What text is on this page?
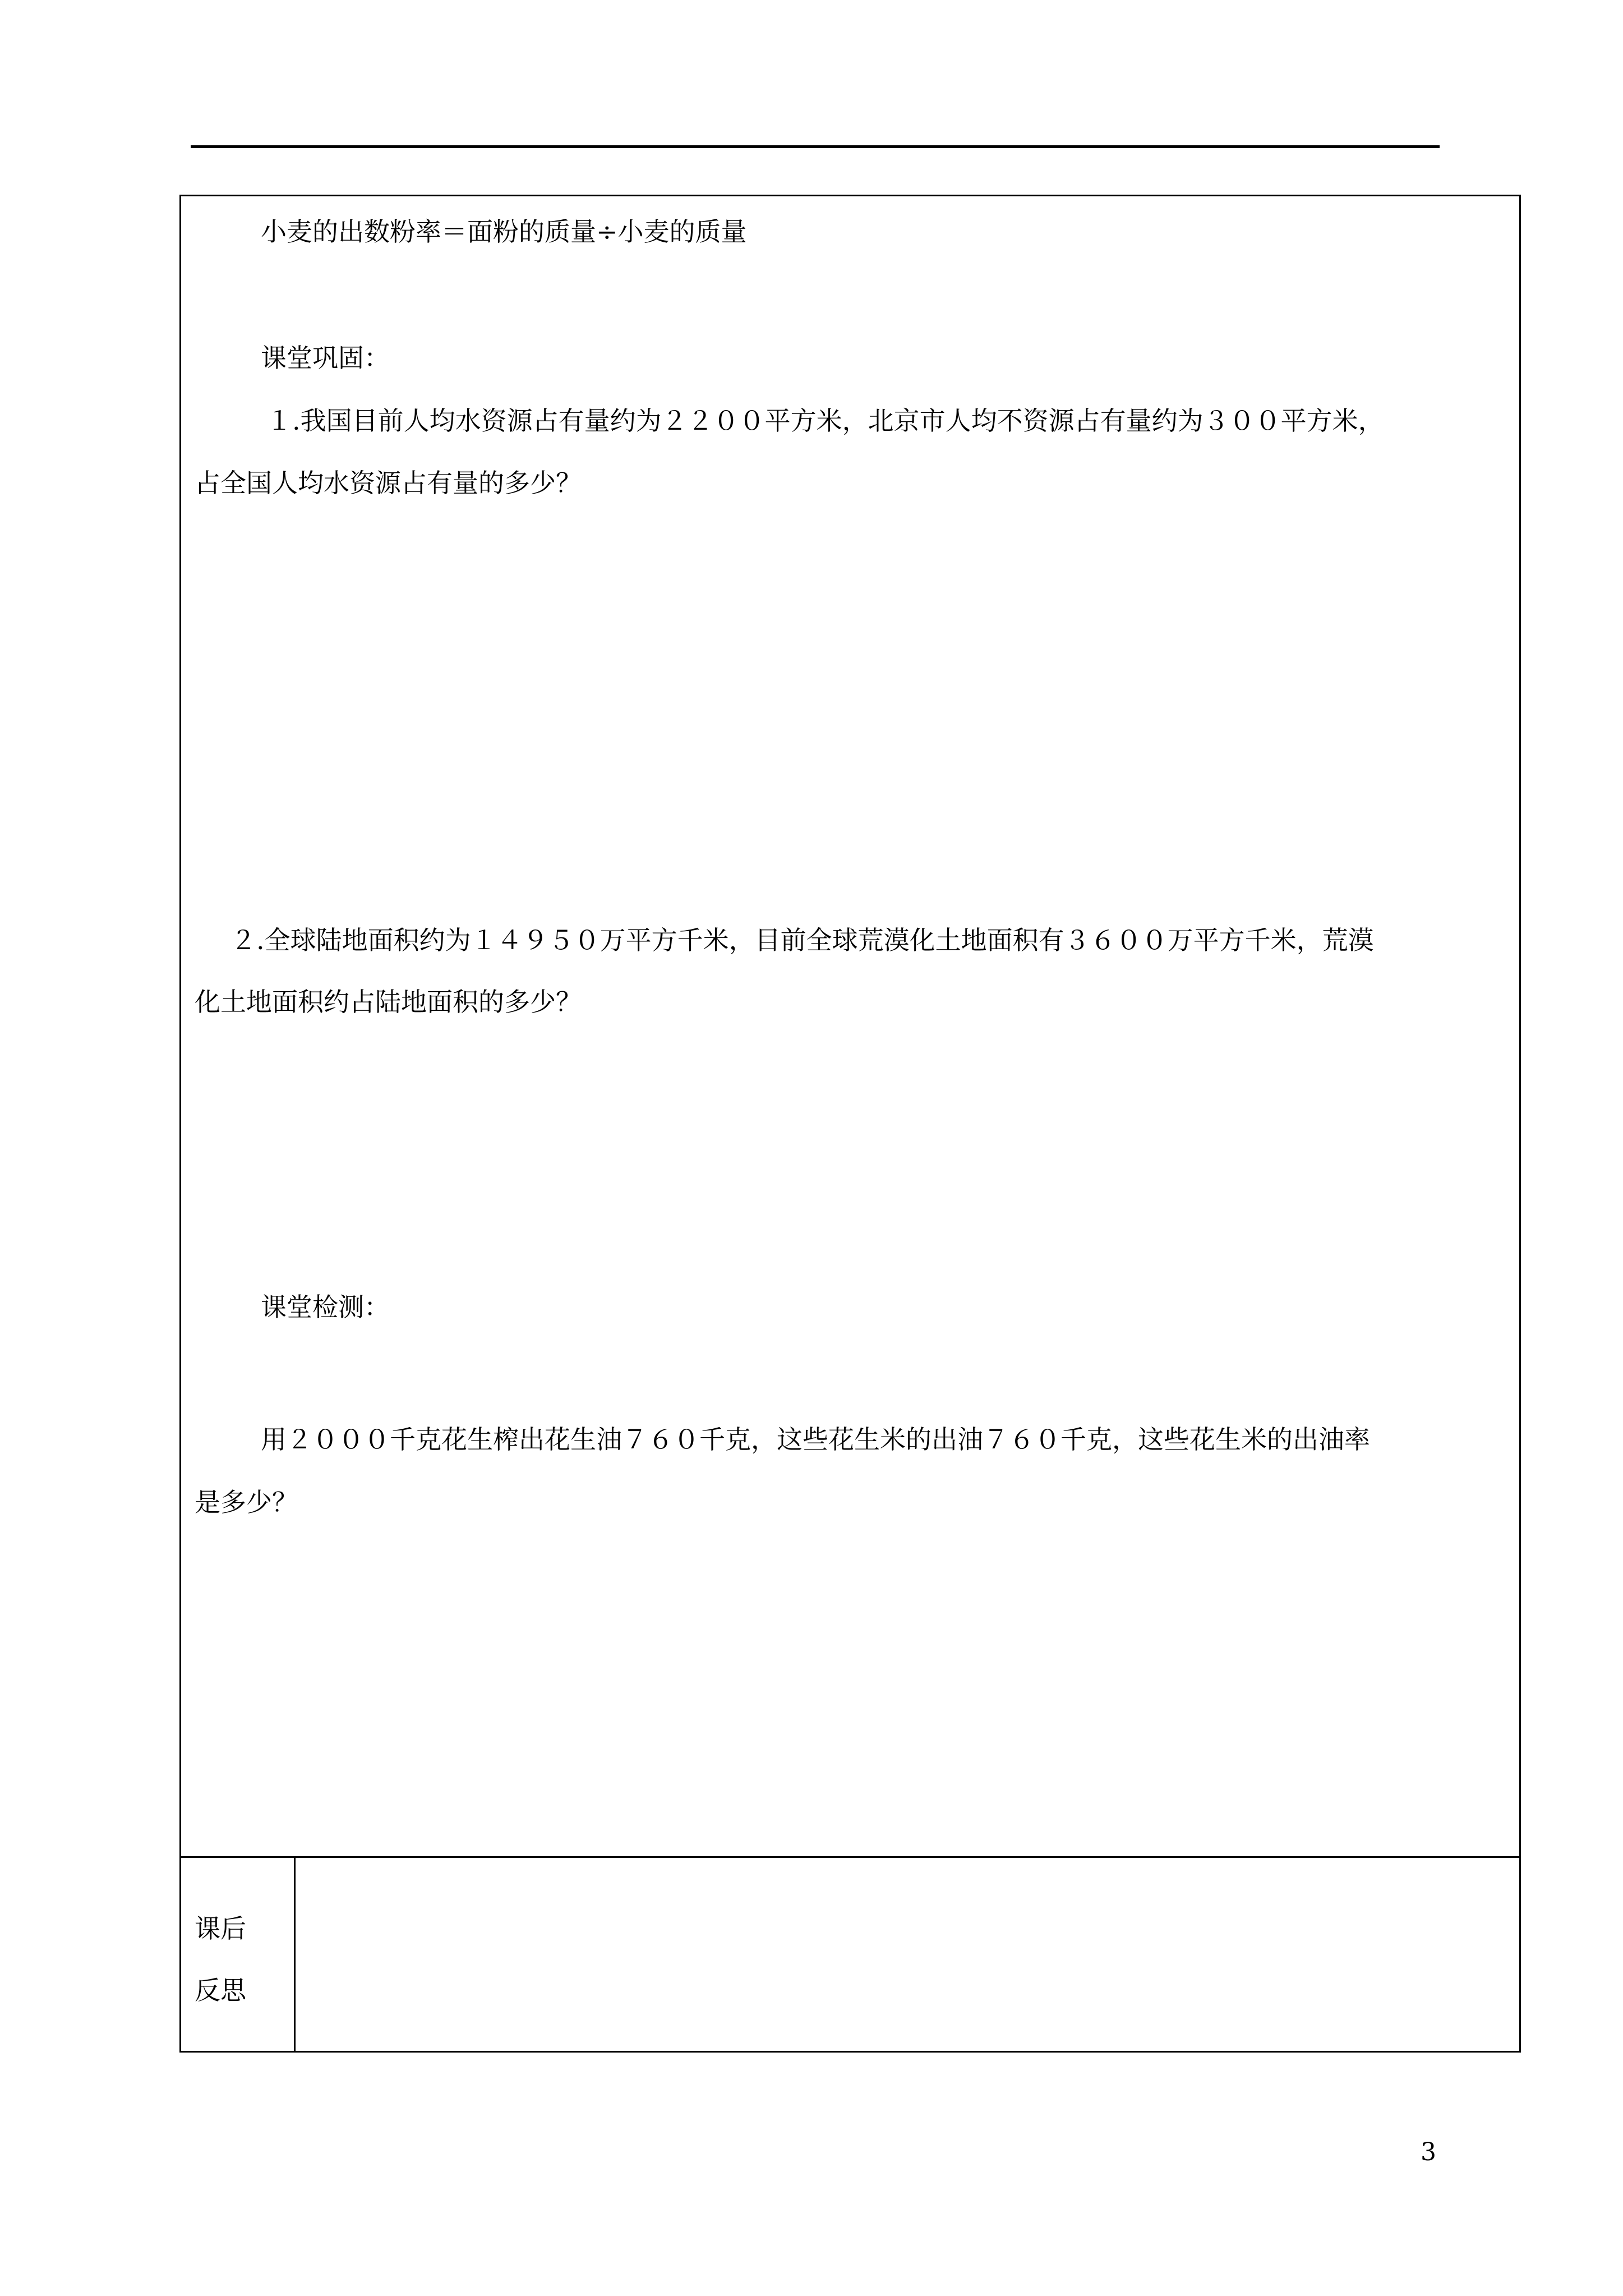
小麦的出数粉率＝面粉的质量÷小麦的质量
课堂巩固：
１.我国目前人均水资源占有量约为２２００平方米，北京市人均不资源占有量约为３００平方米，
占全国人均水资源占有量的多少？
２.全球陆地面积约为１４９５０万平方千米，目前全球荒漠化土地面积有３６００万平方千米，荒漠
化土地面积约占陆地面积的多少？
课堂检测：
用２０００千克花生榨出花生油７６０千克，这些花生米的出油７６０千克，这些花生米的出油率
是多少？
课后
反思
3
